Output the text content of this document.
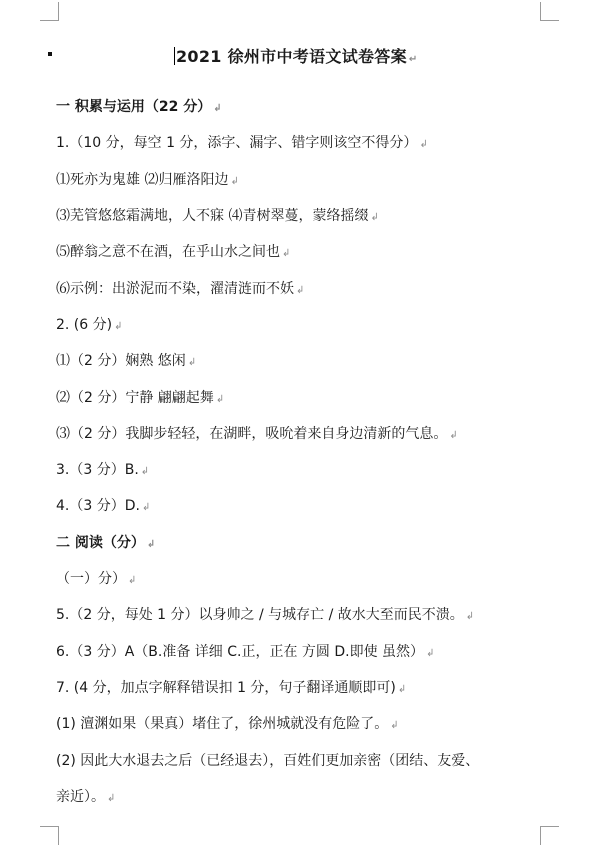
2021 徐州市中考语文试卷答案 ↵
一 积累与运用（22 分） ↲
1.（10 分，每空 1 分，添字、漏字、错字则该空不得分） ↲
⑴死亦为鬼雄 ⑵归雁洛阳边 ↲
⑶芜管悠悠霜满地，人不寐 ⑷青树翠蔓，蒙络摇缀 ↲
⑸醉翁之意不在酒，在乎山水之间也 ↲
⑹示例：出淤泥而不染，濯清涟而不妖 ↲
2. (6 分) ↲
⑴（2 分）娴熟 悠闲 ↲
⑵（2 分）宁静 翩翩起舞 ↲
⑶（2 分）我脚步轻轻，在湖畔，吸吮着来自身边清新的气息。 ↲
3.（3 分）B. ↲
4.（3 分）D. ↲
二 阅读（分） ↲
（一）分） ↲
5.（2 分，每处 1 分）以身帅之 / 与城存亡 / 故水大至而民不溃。 ↲
6.（3 分）A（B.准备 详细 C.正，正在 方圆 D.即使 虽然） ↲
7. (4 分，加点字解释错误扣 1 分，句子翻译通顺即可) ↲
(1) 澶渊如果（果真）堵住了，徐州城就没有危险了。 ↲
(2) 因此大水退去之后（已经退去），百姓们更加亲密（团结、友爱、
亲近）。 ↲
